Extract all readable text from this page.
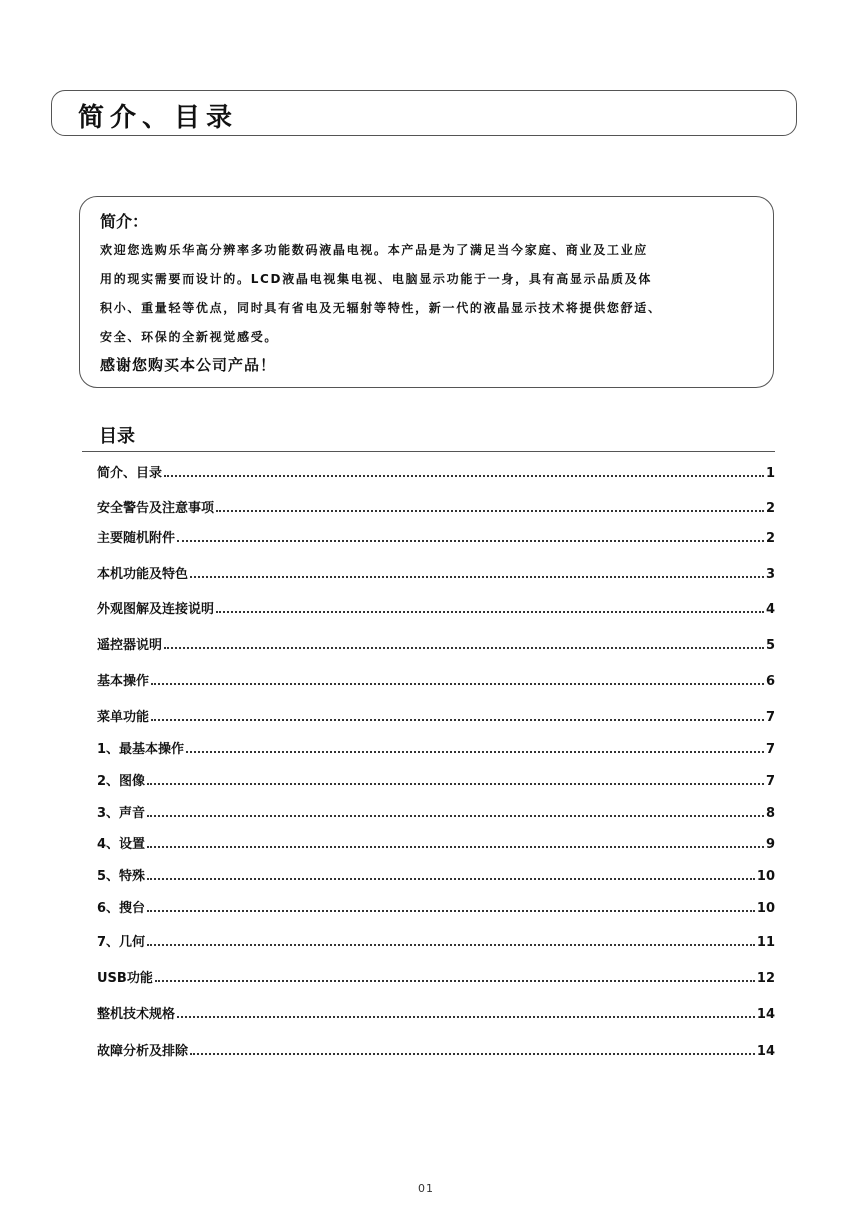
简介、目录
简介：
欢迎您选购乐华高分辨率多功能数码液晶电视。本产品是为了满足当今家庭、商业及工业应
用的现实需要而设计的。LCD液晶电视集电视、电脑显示功能于一身，具有高显示品质及体
积小、重量轻等优点，同时具有省电及无辐射等特性，新一代的液晶显示技术将提供您舒适、
安全、环保的全新视觉感受。
感谢您购买本公司产品！
目录
简介、目录	1
安全警告及注意事项	2
主要随机附件	2
本机功能及特色	3
外观图解及连接说明	4
遥控器说明	5
基本操作	6
菜单功能	7
1、最基本操作	7
2、图像	7
3、声音	8
4、设置	9
5、特殊	10
6、搜台	10
7、几何	11
USB功能	12
整机技术规格	14
故障分析及排除	14
01
